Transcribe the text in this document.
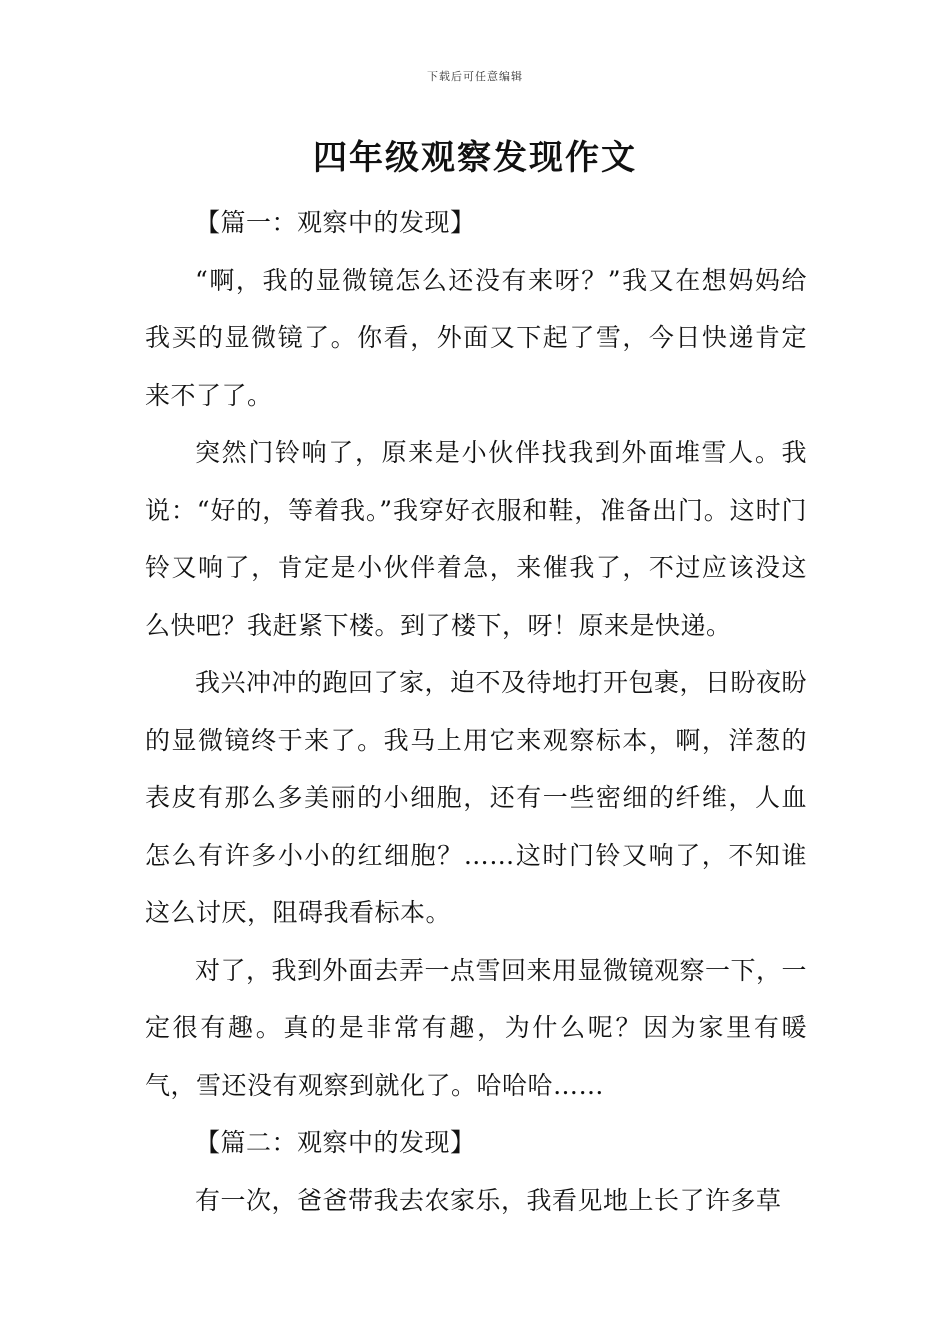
下载后可任意编辑
四年级观察发现作文

【篇一：观察中的发现】

“啊，我的显微镜怎么还没有来呀？”我又在想妈妈给我买的显微镜了。你看，外面又下起了雪，今日快递肯定来不了了。

突然门铃响了，原来是小伙伴找我到外面堆雪人。我说：“好的，等着我。”我穿好衣服和鞋，准备出门。这时门铃又响了，肯定是小伙伴着急，来催我了，不过应该没这么快吧？我赶紧下楼。到了楼下，呀！原来是快递。

我兴冲冲的跑回了家，迫不及待地打开包裹，日盼夜盼的显微镜终于来了。我马上用它来观察标本，啊，洋葱的表皮有那么多美丽的小细胞，还有一些密细的纤维，人血怎么有许多小小的红细胞？……这时门铃又响了，不知谁这么讨厌，阻碍我看标本。

对了，我到外面去弄一点雪回来用显微镜观察一下，一定很有趣。真的是非常有趣，为什么呢？因为家里有暖气，雪还没有观察到就化了。哈哈哈……

【篇二：观察中的发现】

有一次，爸爸带我去农家乐，我看见地上长了许多草
